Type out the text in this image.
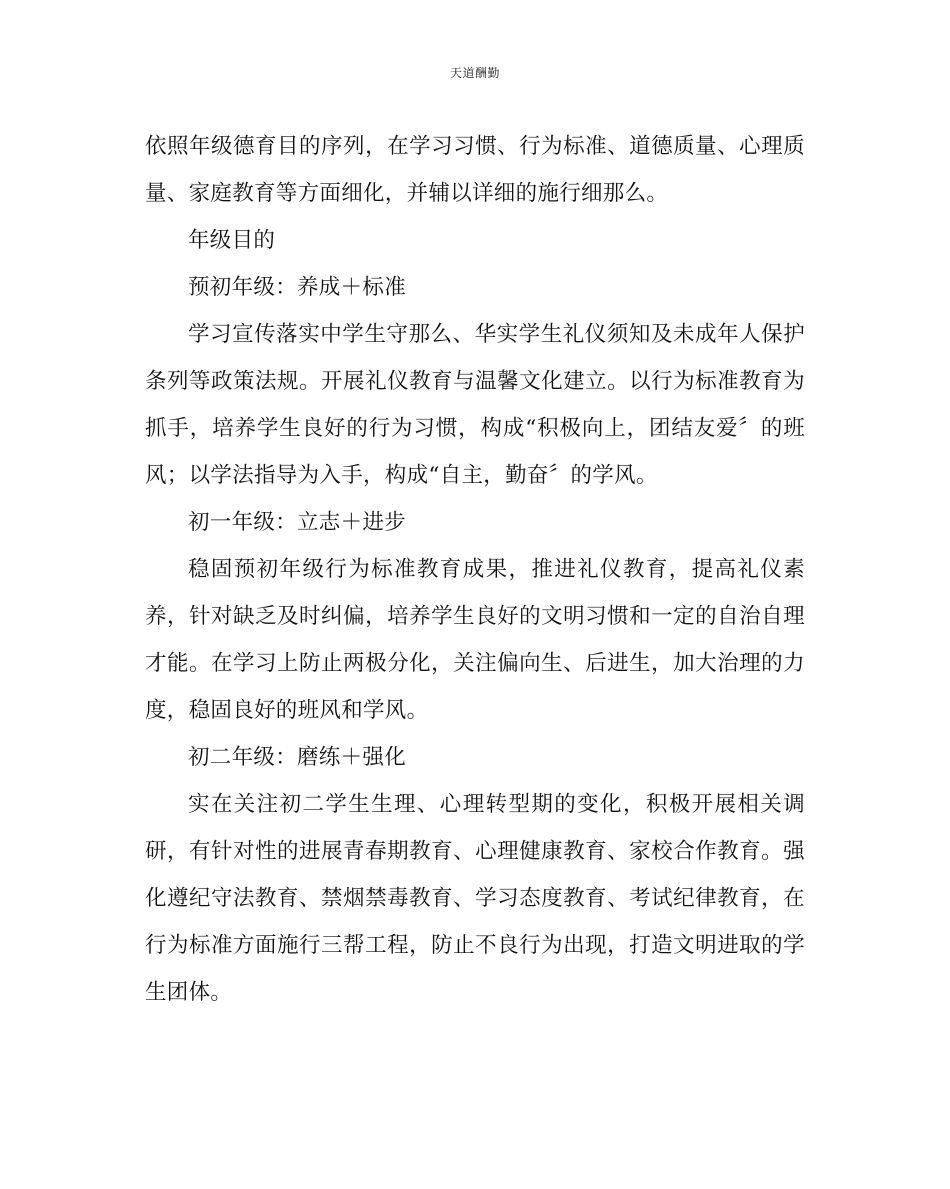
天道酬勤

依照年级德育目的序列，在学习习惯、行为标准、道德质量、心理质量、家庭教育等方面细化，并辅以详细的施行细那么。

年级目的

预初年级：养成＋标准

学习宣传落实中学生守那么、华实学生礼仪须知及未成年人保护条列等政策法规。开展礼仪教育与温馨文化建立。以行为标准教育为抓手，培养学生良好的行为习惯，构成“积极向上，团结友爱〞的班风；以学法指导为入手，构成“自主，勤奋〞的学风。

初一年级：立志＋进步

稳固预初年级行为标准教育成果，推进礼仪教育，提高礼仪素养，针对缺乏及时纠偏，培养学生良好的文明习惯和一定的自治自理才能。在学习上防止两极分化，关注偏向生、后进生，加大治理的力度，稳固良好的班风和学风。

初二年级：磨练＋强化

实在关注初二学生生理、心理转型期的变化，积极开展相关调研，有针对性的进展青春期教育、心理健康教育、家校合作教育。强化遵纪守法教育、禁烟禁毒教育、学习态度教育、考试纪律教育，在行为标准方面施行三帮工程，防止不良行为出现，打造文明进取的学生团体。
